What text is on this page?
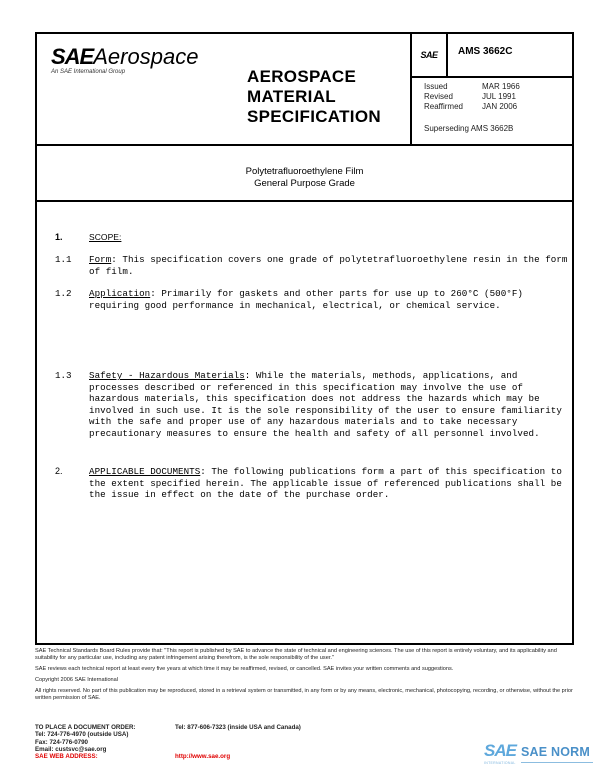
SAEAerospace
An SAE International Group	AEROSPACE
MATERIAL
SPECIFICATION
SAE	AMS 3662C
Issued	MAR 1966
Revised	JUL 1991
Reaffirmed	JAN 2006
Superseding AMS 3662B
Polytetrafluoroethylene Film
General Purpose Grade
1.	SCOPE:
1.1 Form: This specification covers one grade of polytetrafluoroethylene resin in the form of film.
1.2 Application: Primarily for gaskets and other parts for use up to 260°C (500°F) requiring good performance in mechanical, electrical, or chemical service.
1.3 Safety - Hazardous Materials: While the materials, methods, applications, and processes described or referenced in this specification may involve the use of hazardous materials, this specification does not address the hazards which may be involved in such use. It is the sole responsibility of the user to ensure familiarity with the safe and proper use of any hazardous materials and to take necessary precautionary measures to ensure the health and safety of all personnel involved.
2.	APPLICABLE DOCUMENTS: The following publications form a part of this specification to the extent specified herein. The applicable issue of referenced publications shall be the issue in effect on the date of the purchase order.

SAE Technical Standards Board Rules provide that: "This report is published by SAE to advance the state of technical and engineering sciences. The use of this report is entirely voluntary, and its applicability and suitability for any particular use, including any patent infringement arising therefrom, is the sole responsibility of the user."

SAE reviews each technical report at least every five years at which time it may be reaffirmed, revised, or cancelled. SAE invites your written comments and suggestions.

Copyright 2006 SAE International

All rights reserved. No part of this publication may be reproduced, stored in a retrieval system or transmitted, in any form or by any means, electronic, mechanical, photocopying, recording, or otherwise, without the prior written permission of SAE.

TO PLACE A DOCUMENT ORDER:	Tel: 877-606-7323 (inside USA and Canada)
Tel: 724-776-4970 (outside USA)
Fax: 724-776-0790
Email: custsvc@sae.org
SAE WEB ADDRESS:	http://www.sae.org	SAE
INTERNATIONAL
SAE NORM
